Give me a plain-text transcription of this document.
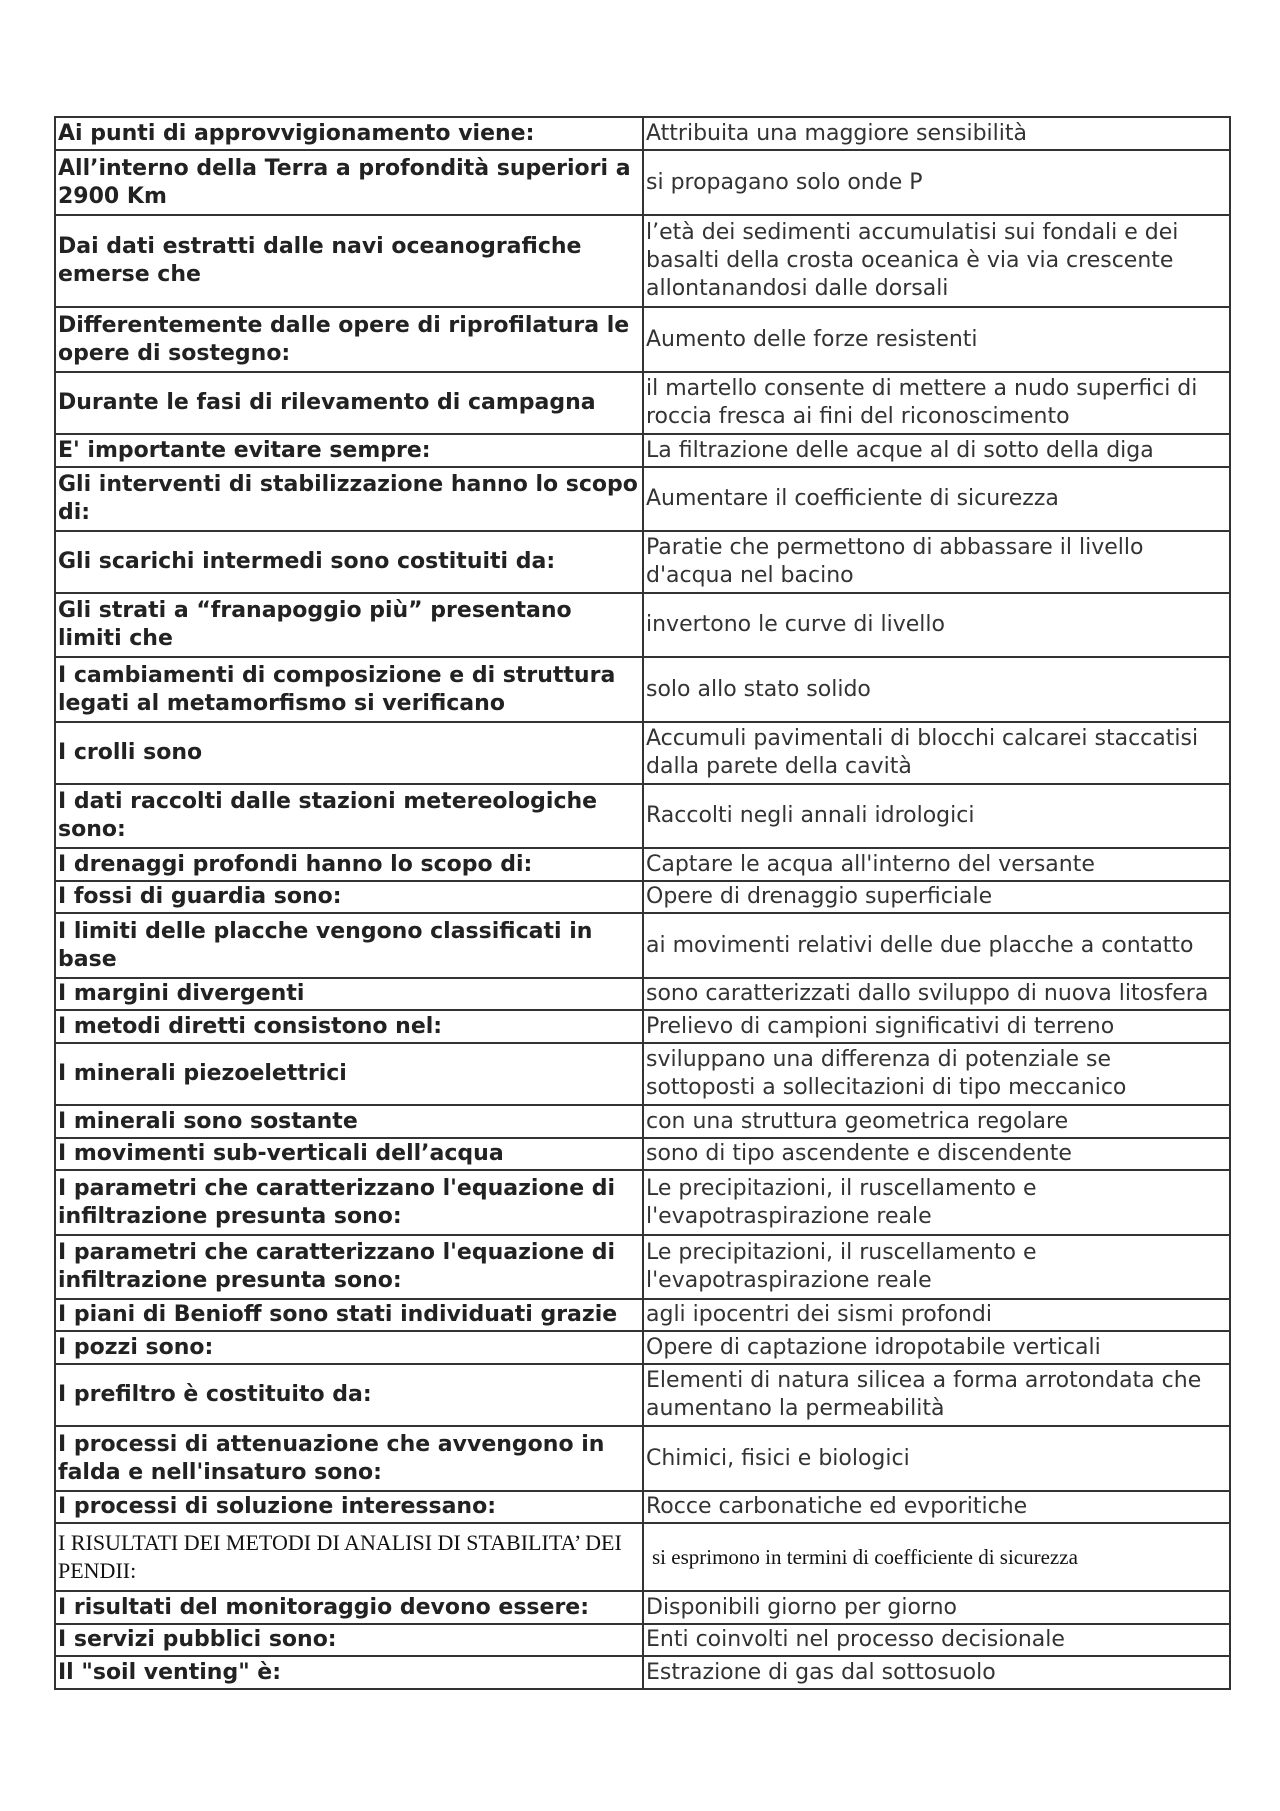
Ai punti di approvvigionamento viene:	Attribuita una maggiore sensibilità
All’interno della Terra a profondità superiori a 2900 Km	si propagano solo onde P
Dai dati estratti dalle navi oceanografiche emerse che	l’età dei sedimenti accumulatisi sui fondali e dei basalti della crosta oceanica è via via crescente allontanandosi dalle dorsali
Differentemente dalle opere di riprofilatura le opere di sostegno:	Aumento delle forze resistenti
Durante le fasi di rilevamento di campagna	il martello consente di mettere a nudo superfici di roccia fresca ai fini del riconoscimento
E' importante evitare sempre:	La filtrazione delle acque al di sotto della diga
Gli interventi di stabilizzazione hanno lo scopo di:	Aumentare il coefficiente di sicurezza
Gli scarichi intermedi sono costituiti da:	Paratie che permettono di abbassare il livello d'acqua nel bacino
Gli strati a “franapoggio più” presentano limiti che	invertono le curve di livello
I cambiamenti di composizione e di struttura legati al metamorfismo si verificano	solo allo stato solido
I crolli sono	Accumuli pavimentali di blocchi calcarei staccatisi dalla parete della cavità
I dati raccolti dalle stazioni metereologiche sono:	Raccolti negli annali idrologici
I drenaggi profondi hanno lo scopo di:	Captare le acqua all'interno del versante
I fossi di guardia sono:	Opere di drenaggio superficiale
I limiti delle placche vengono classificati in base	ai movimenti relativi delle due placche a contatto
I margini divergenti	sono caratterizzati dallo sviluppo di nuova litosfera
I metodi diretti consistono nel:	Prelievo di campioni significativi di terreno
I minerali piezoelettrici	sviluppano una differenza di potenziale se sottoposti a sollecitazioni di tipo meccanico
I minerali sono sostante	con una struttura geometrica regolare
I movimenti sub-verticali dell’acqua	sono di tipo ascendente e discendente
I parametri che caratterizzano l'equazione di infiltrazione presunta sono:	Le precipitazioni, il ruscellamento e l'evapotraspirazione reale
I parametri che caratterizzano l'equazione di infiltrazione presunta sono:	Le precipitazioni, il ruscellamento e l'evapotraspirazione reale
I piani di Benioff sono stati individuati grazie	agli ipocentri dei sismi profondi
I pozzi sono:	Opere di captazione idropotabile verticali
I prefiltro è costituito da:	Elementi di natura silicea a forma arrotondata che aumentano la permeabilità
I processi di attenuazione che avvengono in falda e nell'insaturo sono:	Chimici, fisici e biologici
I processi di soluzione interessano:	Rocce carbonatiche ed evporitiche
I RISULTATI DEI METODI DI ANALISI DI STABILITA’ DEI PENDII:	si esprimono in termini di coefficiente di sicurezza
I risultati del monitoraggio devono essere:	Disponibili giorno per giorno
I servizi pubblici sono:	Enti coinvolti nel processo decisionale
Il "soil venting" è:	Estrazione di gas dal sottosuolo
